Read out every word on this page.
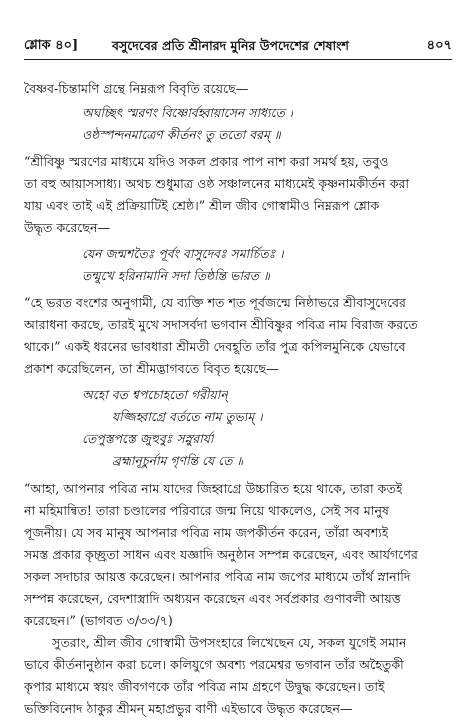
শ্লোক ৪০]	বসুদেবের প্রতি শ্রীনারদ মুনির উপদেশের শেষাংশ	৪০৭
বৈষ্ণব-চিন্তামণি গ্রন্থে নিম্নরূপ বিবৃতি রয়েছে—
অঘচ্ছিৎ স্মরণং বিষ্ণোর্বহ্বায়াসেন সাধ্যতে ।
ওষ্ঠস্পন্দনমাত্রেণ কীর্তনং তু ততো বরম্ ॥
“শ্রীবিষ্ণু স্মরণের মাধ্যমে যদিও সকল প্রকার পাপ নাশ করা সমর্থ হয়, তবুও
তা বহু আয়াসসাধ্য। অথচ শুধুমাত্র ওষ্ঠ সঞ্চালনের মাধ্যমেই কৃষ্ণনামকীর্তন করা
যায় এবং তাই এই প্রক্রিয়াটিই শ্রেষ্ঠ।” শ্রীল জীব গোস্বামীও নিম্নরূপ শ্লোক
উদ্ধৃত করেছেন—
যেন জন্মশতৈঃ পূর্বং বাসুদেবঃ সমার্চিতঃ ।
তন্মুখে হরিনামানি সদা তিষ্ঠন্তি ভারত ॥
“হে ভরত বংশের অনুগামী, যে ব্যক্তি শত শত পূর্বজন্মে নিষ্ঠাভরে শ্রীবাসুদেবের
আরাধনা করছে, তারই মুখে সদাসর্বদা ভগবান শ্রীবিষ্ণুর পবিত্র নাম বিরাজ করতে
থাকে।” একই ধরনের ভাবধারা শ্রীমতী দেবহূতি তাঁর পুত্র কপিলমুনিকে যেভাবে
প্রকাশ করেছিলেন, তা শ্রীমদ্ভাগবতে বিবৃত হয়েছে—
অহো বত শ্বপচোহতো গরীয়ান্
যজ্জিহ্বাগ্রে বর্ততে নাম তুভ্যম্ ।
তেপুস্তপস্তে জুহুবুঃ সস্নুরার্যা
ব্রহ্মানূচুর্নাম গৃণন্তি যে তে ॥
“আহা, আপনার পবিত্র নাম যাদের জিহ্বাগ্রে উচ্চারিত হয়ে থাকে, তারা কতই
না মহিমান্বিত! তারা চণ্ডালের পরিবারে জন্ম নিয়ে থাকলেও, সেই সব মানুষ
পূজনীয়। যে সব মানুষ আপনার পবিত্র নাম জপকীর্তন করেন, তাঁরা অবশ্যই
সমস্ত প্রকার কৃচ্ছ্রতা সাধন এবং যজ্ঞাদি অনুষ্ঠান সম্পন্ন করেছেন, এবং আর্যগণের
সকল সদাচার আয়ত্ত করেছেন। আপনার পবিত্র নাম জপের মাধ্যমে তাঁর্থ স্নানাদি
সম্পন্ন করেছেন, বেদশাস্ত্রাদি অধ্যয়ন করেছেন এবং সর্বপ্রকার গুণাবলী আয়ত্ত
করেছেন।” (ভাগবত ৩/৩৩/৭)
সুতরাং, শ্রীল জীব গোস্বামী উপসংহারে লিখেছেন যে, সকল যুগেই সমান
ভাবে কীর্তনানুষ্ঠান করা চলে। কলিযুগে অবশ্য পরমেশ্বর ভগবান তাঁর অহৈতুকী
কৃপার মাধ্যমে স্বয়ং জীবগণকে তাঁর পবিত্র নাম গ্রহণে উদ্বুদ্ধ করেছেন। তাই
ভক্তিবিনোদ ঠাকুর শ্রীমন্ মহাপ্রভুর বাণী এইভাবে উদ্ধৃত করেছেন—
